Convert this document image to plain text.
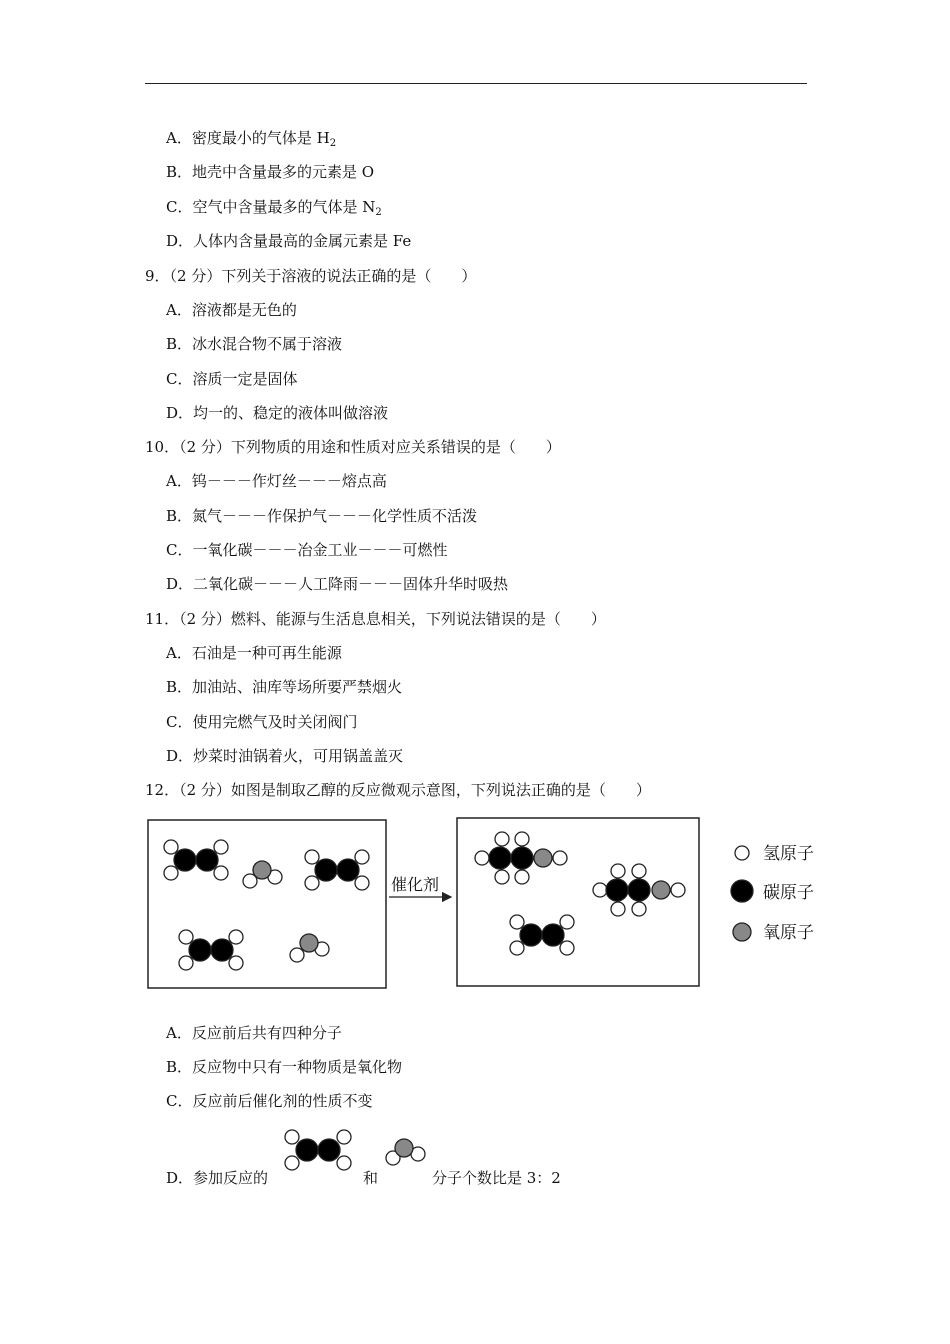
A．密度最小的气体是 $H_2$
B．地壳中含量最多的元素是 O
C．空气中含量最多的气体是 $N_2$
D．人体内含量最高的金属元素是 Fe
9．（2 分）下列关于溶液的说法正确的是（　　）
A．溶液都是无色的
B．冰水混合物不属于溶液
C．溶质一定是固体
D．均一的、稳定的液体叫做溶液
10．（2 分）下列物质的用途和性质对应关系错误的是（　　）
A．钨－－－作灯丝－－－熔点高
B．氮气－－－作保护气－－－化学性质不活泼
C．一氧化碳－－－冶金工业－－－可燃性
D．二氧化碳－－－人工降雨－－－固体升华时吸热
11．（2 分）燃料、能源与生活息息相关，下列说法错误的是（　　）
A．石油是一种可再生能源
B．加油站、油库等场所要严禁烟火
C．使用完燃气及时关闭阀门
D．炒菜时油锅着火，可用锅盖盖灭
12．（2 分）如图是制取乙醇的反应微观示意图，下列说法正确的是（　　）
催化剂
氢原子
碳原子
氧原子
A．反应前后共有四种分子
B．反应物中只有一种物质是氧化物
C．反应前后催化剂的性质不变
D．参加反应的	和	分子个数比是 3：2
